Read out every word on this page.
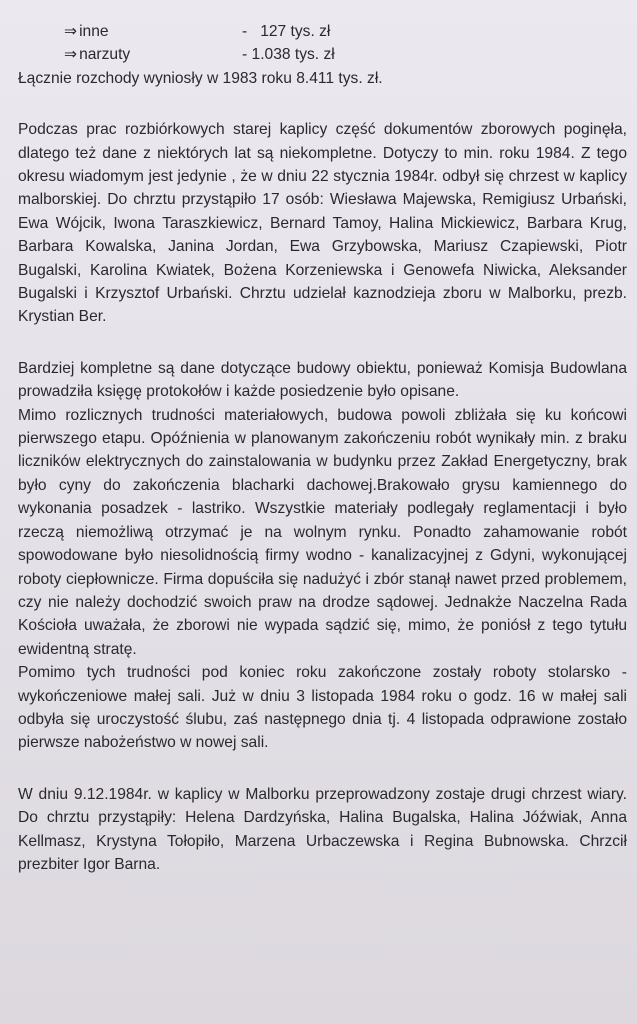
⇒ inne	-   127 tys. zł
⇒ narzuty	- 1.038 tys. zł
Łącznie rozchody wyniosły w 1983 roku 8.411 tys. zł.

Podczas prac rozbiórkowych starej kaplicy część dokumentów zborowych poginęła, dlatego też dane z niektórych lat są niekompletne. Dotyczy to min. roku 1984. Z tego okresu wiadomym jest jedynie , że w dniu 22 stycznia 1984r. odbył się chrzest w kaplicy malborskiej. Do chrztu przystąpiło 17 osób: Wiesława Majewska, Remigiusz Urbański, Ewa Wójcik, Iwona Taraszkiewicz, Bernard Tamoy, Halina Mickiewicz, Barbara Krug, Barbara Kowalska, Janina Jordan, Ewa Grzybowska, Mariusz Czapiewski, Piotr Bugalski, Karolina Kwiatek, Bożena Korzeniewska i Genowefa Niwicka, Aleksander Bugalski i Krzysztof Urbański. Chrztu udzielał kaznodzieja zboru w Malborku, prezb. Krystian Ber.

Bardziej kompletne są dane dotyczące budowy obiektu, ponieważ Komisja Budowlana prowadziła księgę protokołów i każde posiedzenie było opisane.

Mimo rozlicznych trudności materiałowych, budowa powoli zbliżała się ku końcowi pierwszego etapu. Opóźnienia w planowanym zakończeniu robót wynikały min. z braku liczników elektrycznych do zainstalowania w budynku przez Zakład Energetyczny, brak było cyny do zakończenia blacharki dachowej.Brakowało grysu kamiennego do wykonania posadzek - lastriko. Wszystkie materiały podlegały reglamentacji i było rzeczą niemożliwą otrzymać je na wolnym rynku. Ponadto zahamowanie robót spowodowane było niesolidnością firmy wodno - kanalizacyjnej z Gdyni, wykonującej roboty ciepłownicze. Firma dopuściła się nadużyć i zbór stanął nawet przed problemem, czy nie należy dochodzić swoich praw na drodze sądowej. Jednakże Naczelna Rada Kościoła uważała, że zborowi nie wypada sądzić się, mimo, że poniósł z tego tytułu ewidentną stratę.

Pomimo tych trudności pod koniec roku zakończone zostały roboty stolarsko - wykończeniowe małej sali. Już w dniu 3 listopada 1984 roku o godz. 16 w małej sali odbyła się uroczystość ślubu, zaś następnego dnia tj. 4 listopada odprawione zostało pierwsze nabożeństwo w nowej sali.

W dniu 9.12.1984r. w kaplicy w Malborku przeprowadzony zostaje drugi chrzest wiary. Do chrztu przystąpiły: Helena Dardzyńska, Halina Bugalska, Halina Jóźwiak, Anna Kellmasz, Krystyna Tołopiło, Marzena Urbaczewska i Regina Bubnowska. Chrzcił prezbiter Igor Barna.
